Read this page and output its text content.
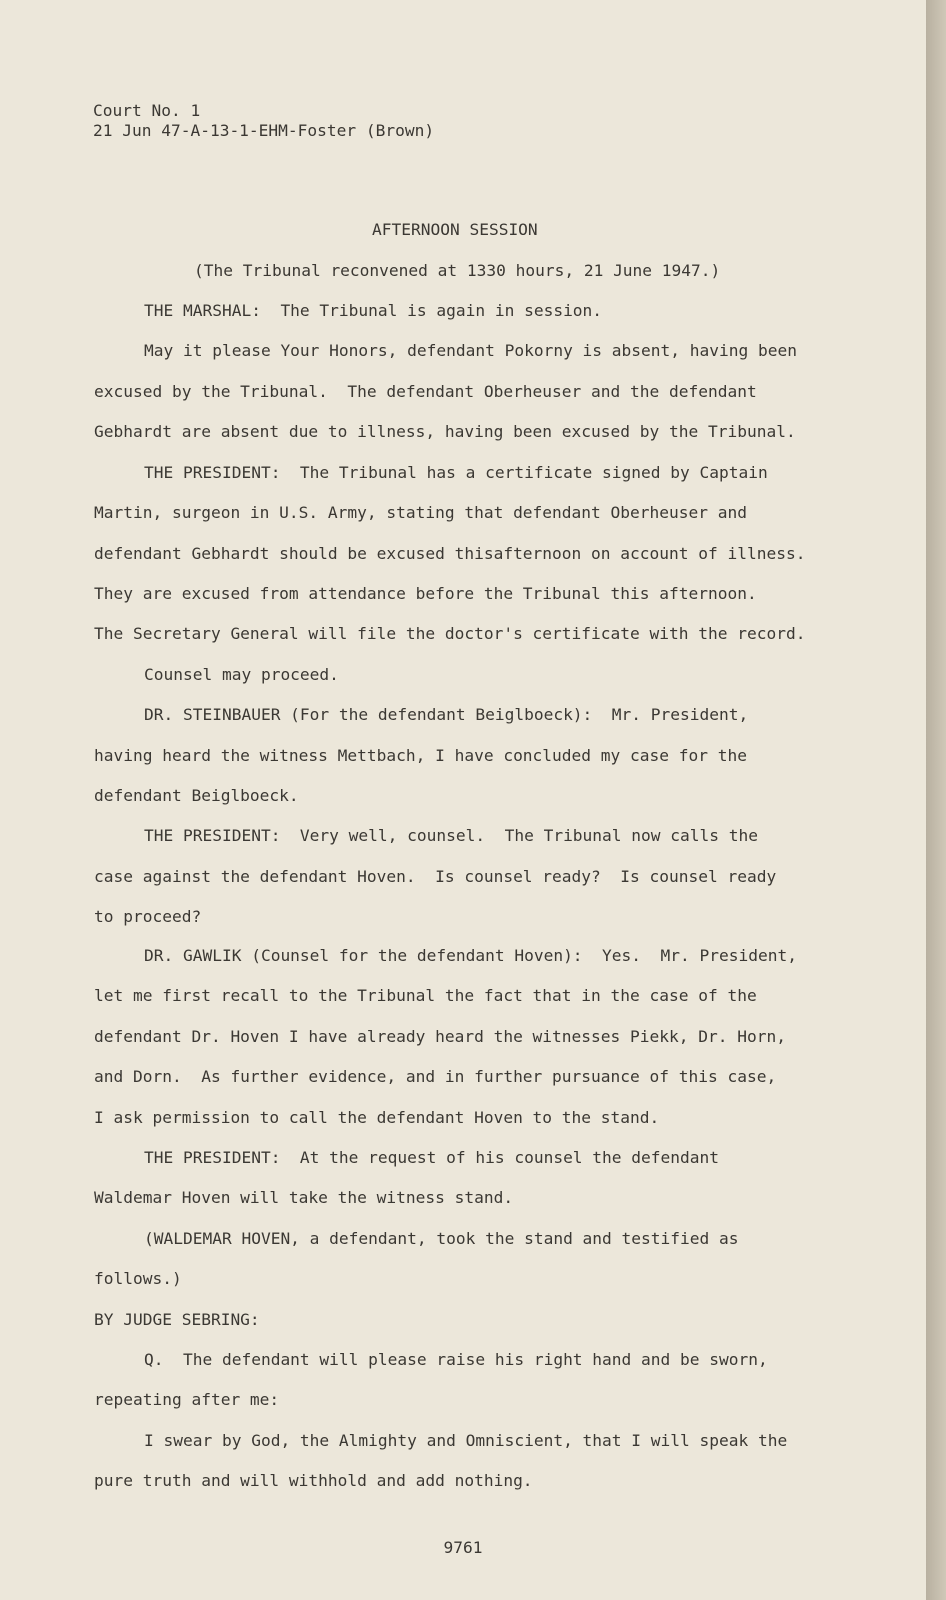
Court No. 1
21 Jun 47-A-13-1-EHM-Foster (Brown)
AFTERNOON SESSION
(The Tribunal reconvened at 1330 hours, 21 June 1947.)
THE MARSHAL:  The Tribunal is again in session.
May it please Your Honors, defendant Pokorny is absent, having been
excused by the Tribunal.  The defendant Oberheuser and the defendant
Gebhardt are absent due to illness, having been excused by the Tribunal.
THE PRESIDENT:  The Tribunal has a certificate signed by Captain
Martin, surgeon in U.S. Army, stating that defendant Oberheuser and
defendant Gebhardt should be excused thisafternoon on account of illness.
They are excused from attendance before the Tribunal this afternoon.
The Secretary General will file the doctor's certificate with the record.
Counsel may proceed.
DR. STEINBAUER (For the defendant Beiglboeck):  Mr. President,
having heard the witness Mettbach, I have concluded my case for the
defendant Beiglboeck.
THE PRESIDENT:  Very well, counsel.  The Tribunal now calls the
case against the defendant Hoven.  Is counsel ready?  Is counsel ready
to proceed?
DR. GAWLIK (Counsel for the defendant Hoven):  Yes.  Mr. President,
let me first recall to the Tribunal the fact that in the case of the
defendant Dr. Hoven I have already heard the witnesses Piekk, Dr. Horn,
and Dorn.  As further evidence, and in further pursuance of this case,
I ask permission to call the defendant Hoven to the stand.
THE PRESIDENT:  At the request of his counsel the defendant
Waldemar Hoven will take the witness stand.
(WALDEMAR HOVEN, a defendant, took the stand and testified as
follows.)
BY JUDGE SEBRING:
Q.  The defendant will please raise his right hand and be sworn,
repeating after me:
I swear by God, the Almighty and Omniscient, that I will speak the
pure truth and will withhold and add nothing.
9761
